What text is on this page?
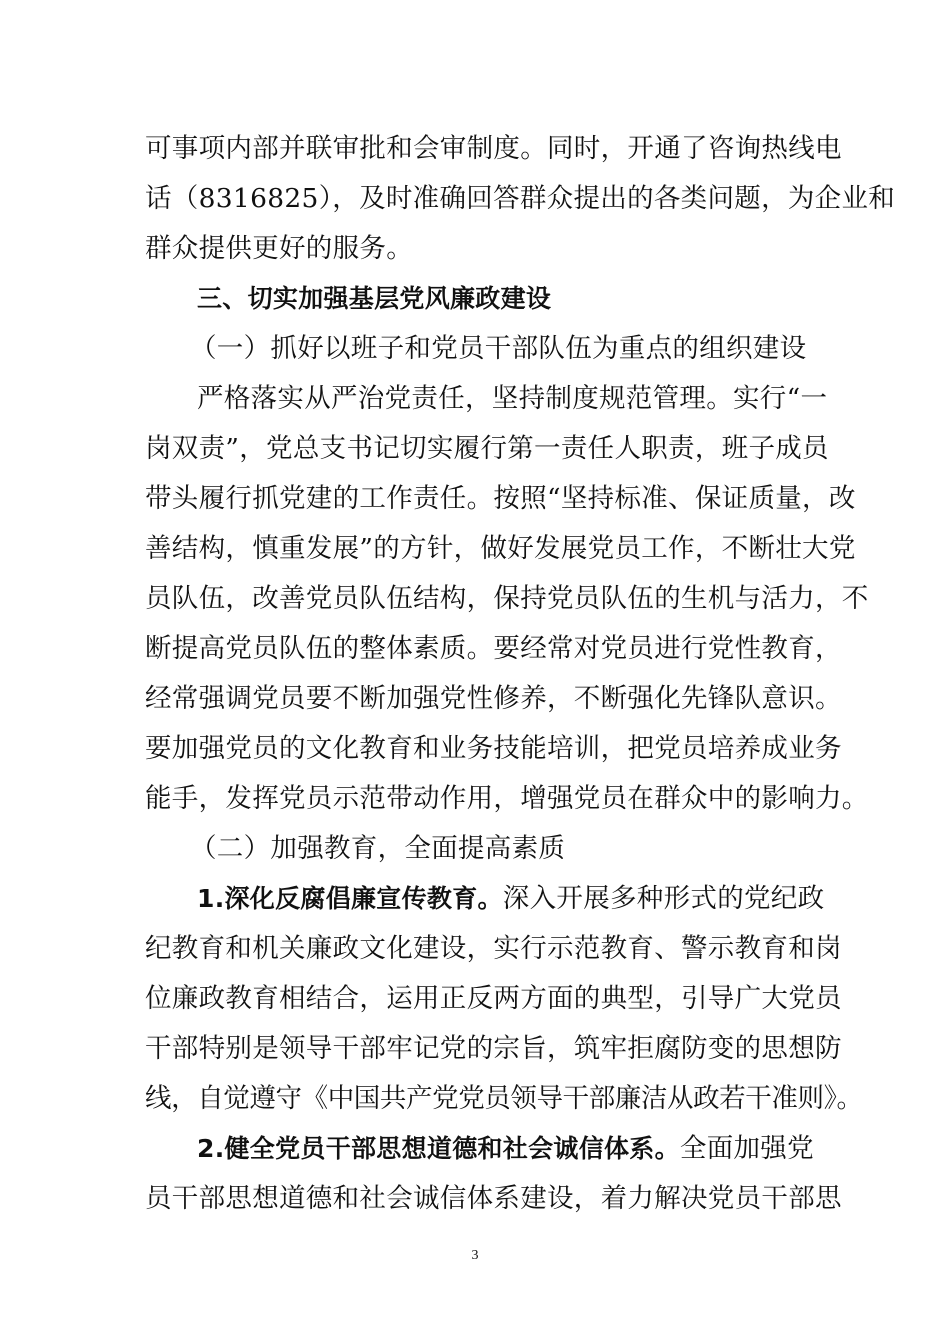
可事项内部并联审批和会审制度。同时，开通了咨询热线电
话（8316825），及时准确回答群众提出的各类问题，为企业和
群众提供更好的服务。
三、切实加强基层党风廉政建设
（一）抓好以班子和党员干部队伍为重点的组织建设
严格落实从严治党责任，坚持制度规范管理。实行“一
岗双责”，党总支书记切实履行第一责任人职责，班子成员
带头履行抓党建的工作责任。按照“坚持标准、保证质量，改
善结构，慎重发展”的方针，做好发展党员工作，不断壮大党
员队伍，改善党员队伍结构，保持党员队伍的生机与活力，不
断提高党员队伍的整体素质。要经常对党员进行党性教育，
经常强调党员要不断加强党性修养，不断强化先锋队意识。
要加强党员的文化教育和业务技能培训，把党员培养成业务
能手，发挥党员示范带动作用，增强党员在群众中的影响力。
（二）加强教育，全面提高素质
1.深化反腐倡廉宣传教育。深入开展多种形式的党纪政
纪教育和机关廉政文化建设，实行示范教育、警示教育和岗
位廉政教育相结合，运用正反两方面的典型，引导广大党员
干部特别是领导干部牢记党的宗旨，筑牢拒腐防变的思想防
线，自觉遵守《中国共产党党员领导干部廉洁从政若干准则》。
2.健全党员干部思想道德和社会诚信体系。全面加强党
员干部思想道德和社会诚信体系建设，着力解决党员干部思
3
